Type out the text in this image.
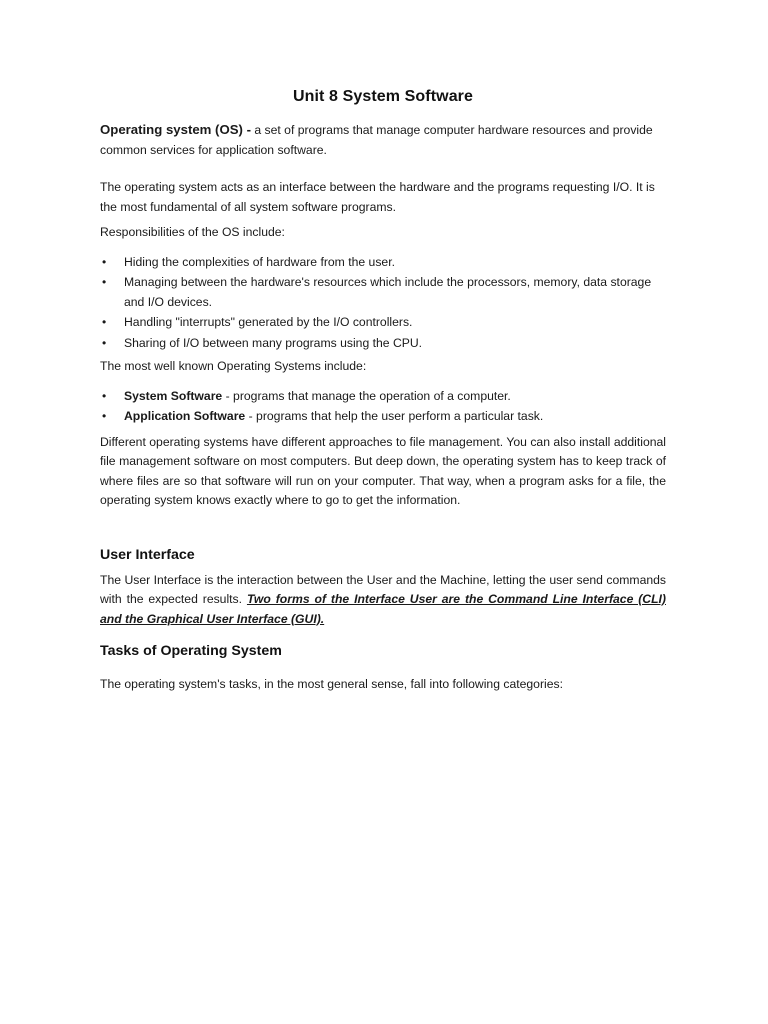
Unit 8 System Software

Operating system (OS) - a set of programs that manage computer hardware resources and provide common services for application software.

The operating system acts as an interface between the hardware and the programs requesting I/O. It is the most fundamental of all system software programs.

Responsibilities of the OS include:

• Hiding the complexities of hardware from the user.
• Managing between the hardware's resources which include the processors, memory, data storage and I/O devices.
• Handling "interrupts" generated by the I/O controllers.
• Sharing of I/O between many programs using the CPU.

The most well known Operating Systems include:

• System Software - programs that manage the operation of a computer.
• Application Software - programs that help the user perform a particular task.

Different operating systems have different approaches to file management. You can also install additional file management software on most computers. But deep down, the operating system has to keep track of where files are so that software will run on your computer. That way, when a program asks for a file, the operating system knows exactly where to go to get the information.

User Interface

The User Interface is the interaction between the User and the Machine, letting the user send commands with the expected results. Two forms of the Interface User are the Command Line Interface (CLI) and the Graphical User Interface (GUI).

Tasks of Operating System

The operating system's tasks, in the most general sense, fall into following categories:
